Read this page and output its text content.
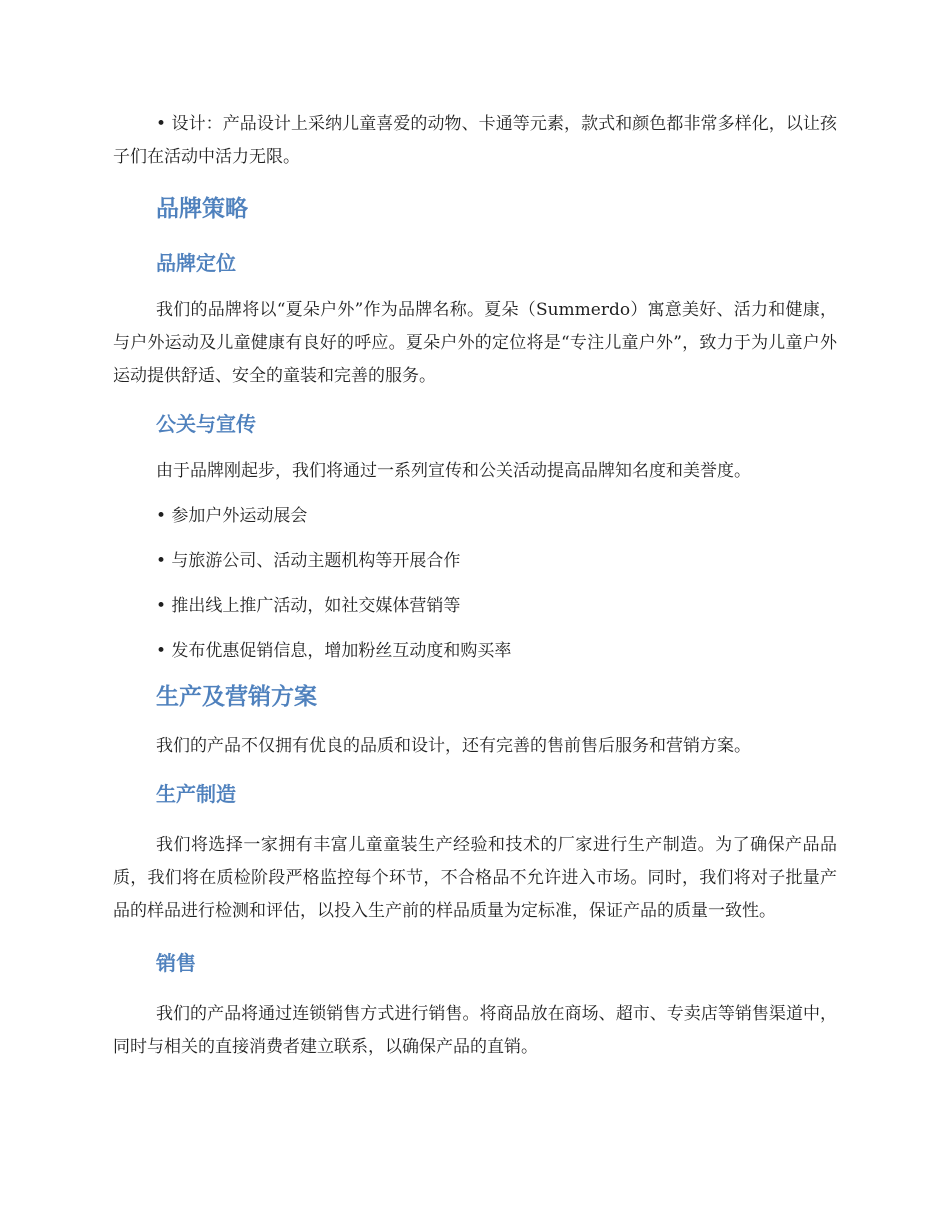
• 设计：产品设计上采纳儿童喜爱的动物、卡通等元素，款式和颜色都非常多样化，以让孩子们在活动中活力无限。

品牌策略
品牌定位

我们的品牌将以“夏朵户外”作为品牌名称。夏朵（Summerdo）寓意美好、活力和健康，与户外运动及儿童健康有良好的呼应。夏朵户外的定位将是“专注儿童户外”，致力于为儿童户外运动提供舒适、安全的童装和完善的服务。

公关与宣传

由于品牌刚起步，我们将通过一系列宣传和公关活动提高品牌知名度和美誉度。

• 参加户外运动展会

• 与旅游公司、活动主题机构等开展合作

• 推出线上推广活动，如社交媒体营销等

• 发布优惠促销信息，增加粉丝互动度和购买率

生产及营销方案

我们的产品不仅拥有优良的品质和设计，还有完善的售前售后服务和营销方案。

生产制造

我们将选择一家拥有丰富儿童童装生产经验和技术的厂家进行生产制造。为了确保产品品质，我们将在质检阶段严格监控每个环节，不合格品不允许进入市场。同时，我们将对子批量产品的样品进行检测和评估，以投入生产前的样品质量为定标准，保证产品的质量一致性。

销售

我们的产品将通过连锁销售方式进行销售。将商品放在商场、超市、专卖店等销售渠道中，同时与相关的直接消费者建立联系，以确保产品的直销。
